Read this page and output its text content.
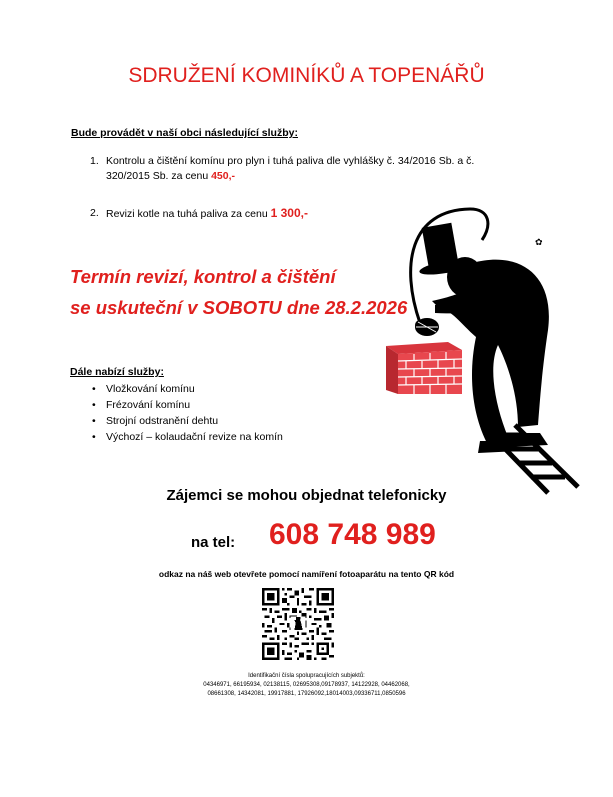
SDRUŽENÍ KOMINÍKŮ A TOPENÁŘŮ
Bude provádět v naší obci následující služby:
1. Kontrolu a čištění komínu pro plyn i tuhá paliva dle vyhlášky č. 34/2016 Sb. a č.
320/2015 Sb. za cenu 450,-
2. Revizi kotle na tuhá paliva za cenu 1 300,-
Termín revizí, kontrol a čištění
se uskuteční v SOBOTU dne 28.2.2026
✿
Dále nabízí služby:
• Vložkování komínu
• Frézování komínu
• Strojní odstranění dehtu
• Výchozí – kolaudační revize na komín
Zájemci se mohou objednat telefonicky
na tel: 608 748 989
odkaz na náš web otevřete pomocí namíření fotoaparátu na tento QR kód
Identifikační čísla spolupracujících subjektů:
04346971, 66195934, 02138115, 02695308,09178937, 14122928, 04462068,
08661308, 14342081, 19917881, 17926092,18014003,09336711,0850596
